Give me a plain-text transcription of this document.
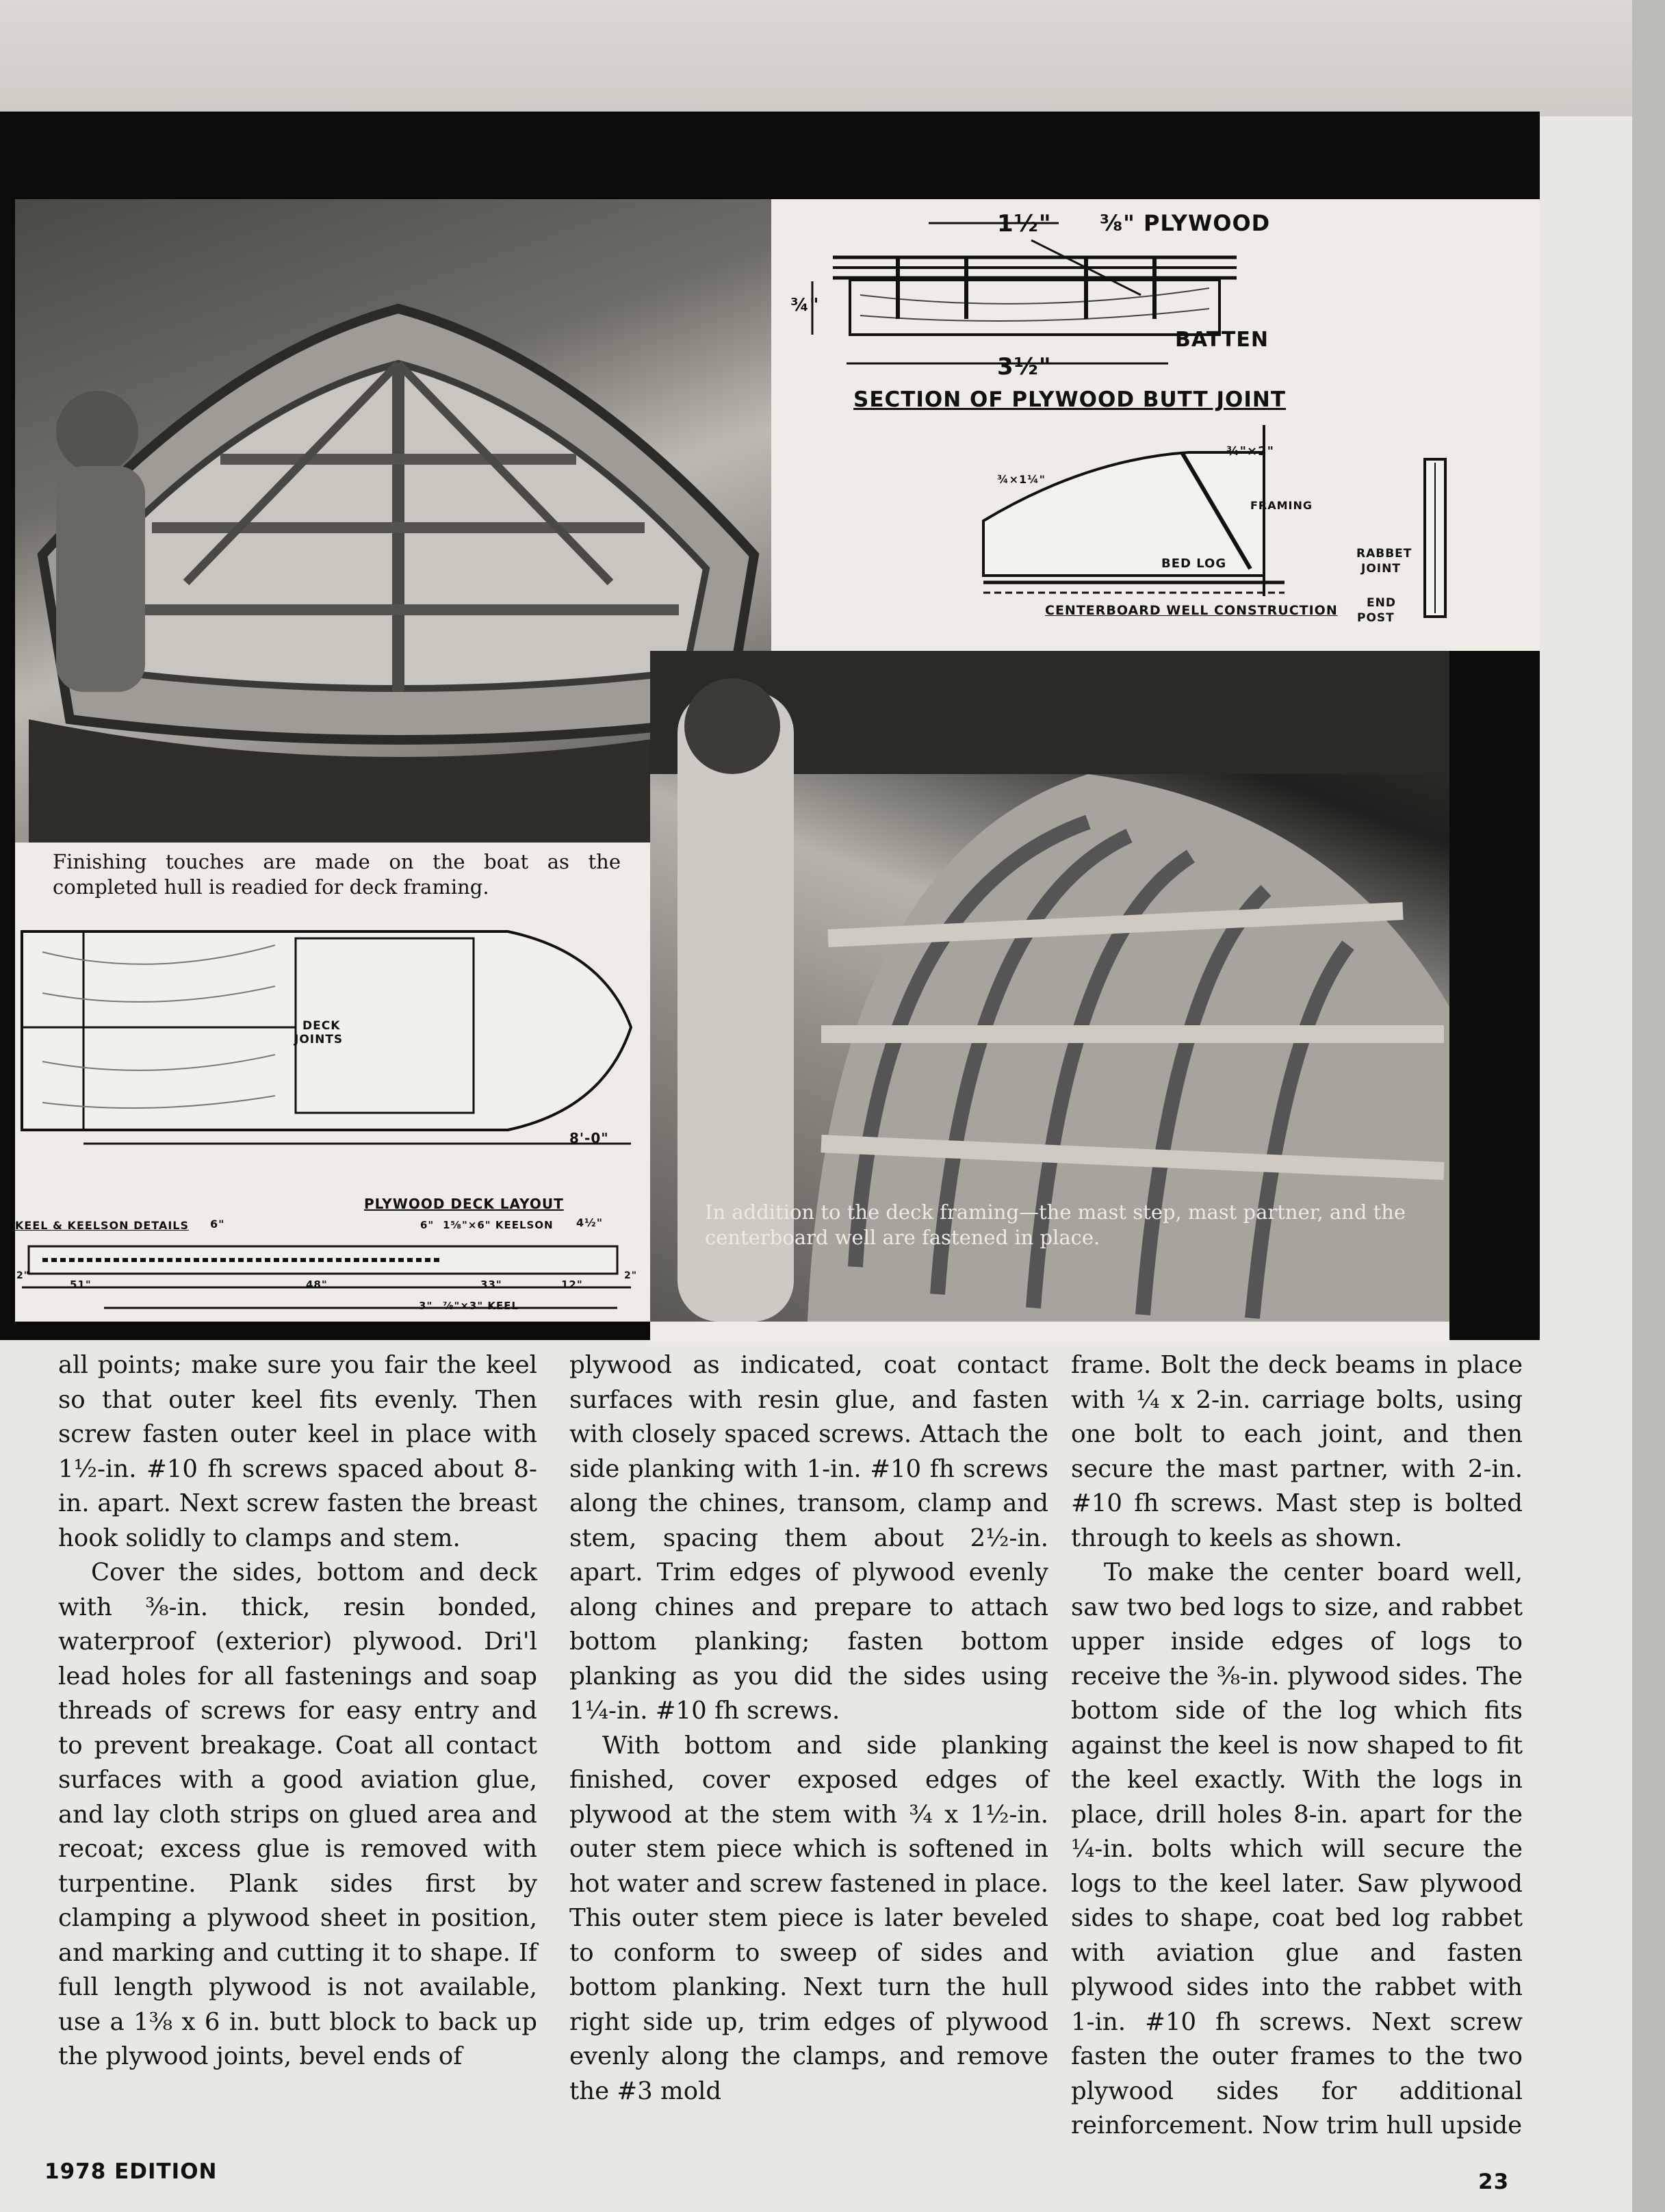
1½" ⅜" PLYWOOD
¾"
BATTEN
3½"
SECTION OF PLYWOOD BUTT JOINT
¾×1¼"
¾"×2"
FRAMING
BED LOG
RABBET
JOINT
END
POST
CENTERBOARD WELL CONSTRUCTION
Finishing touches are made on the boat as the completed hull is readied for deck framing.
DECK
JOINTS
8'-0"
PLYWOOD DECK LAYOUT
KEEL & KEELSON DETAILS 6"	6" 1⅝"×6" KEELSON 4½"
51"	48"	33"	12"
2"	2"
3" ⅞"×3" KEEL
In addition to the deck framing—the mast step, mast partner, and the centerboard well are fastened in place.

all points; make sure you fair the keel so that outer keel fits evenly. Then screw fasten outer keel in place with 1½-in. #10 fh screws spaced about 8-in. apart. Next screw fasten the breast hook solidly to clamps and stem.

Cover the sides, bottom and deck with ⅜-in. thick, resin bonded, waterproof (exterior) plywood. Dri'l lead holes for all fastenings and soap threads of screws for easy entry and to prevent breakage. Coat all contact surfaces with a good aviation glue, and lay cloth strips on glued area and recoat; excess glue is removed with turpentine. Plank sides first by clamping a plywood sheet in position, and marking and cutting it to shape. If full length plywood is not available, use a 1⅜ x 6 in. butt block to back up the plywood joints, bevel ends of

plywood as indicated, coat contact surfaces with resin glue, and fasten with closely spaced screws. Attach the side planking with 1-in. #10 fh screws along the chines, transom, clamp and stem, spacing them about 2½-in. apart. Trim edges of plywood evenly along chines and prepare to attach bottom planking; fasten bottom planking as you did the sides using 1¼-in. #10 fh screws.

With bottom and side planking finished, cover exposed edges of plywood at the stem with ¾ x 1½-in. outer stem piece which is softened in hot water and screw fastened in place. This outer stem piece is later beveled to conform to sweep of sides and bottom planking. Next turn the hull right side up, trim edges of plywood evenly along the clamps, and remove the #3 mold

frame. Bolt the deck beams in place with ¼ x 2-in. carriage bolts, using one bolt to each joint, and then secure the mast partner, with 2-in. #10 fh screws. Mast step is bolted through to keels as shown.

To make the center board well, saw two bed logs to size, and rabbet upper inside edges of logs to receive the ⅜-in. plywood sides. The bottom side of the log which fits against the keel is now shaped to fit the keel exactly. With the logs in place, drill holes 8-in. apart for the ¼-in. bolts which will secure the logs to the keel later. Saw plywood sides to shape, coat bed log rabbet with aviation glue and fasten plywood sides into the rabbet with 1-in. #10 fh screws. Next screw fasten the outer frames to the two plywood sides for additional reinforcement. Now trim hull upside

1978 EDITION	23
